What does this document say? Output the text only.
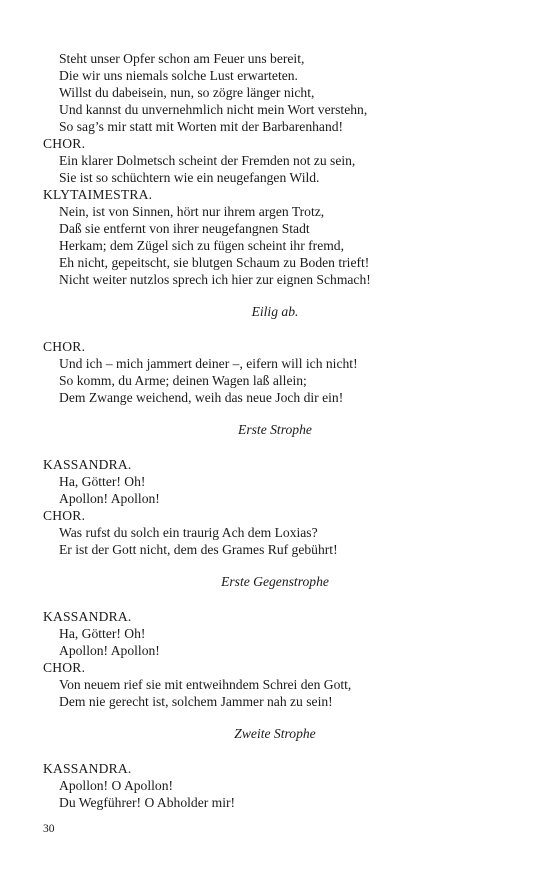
Steht unser Opfer schon am Feuer uns bereit,
Die wir uns niemals solche Lust erwarteten.
Willst du dabeisein, nun, so zögre länger nicht,
Und kannst du unvernehmlich nicht mein Wort verstehn,
So sag’s mir statt mit Worten mit der Barbarenhand!
CHOR.
Ein klarer Dolmetsch scheint der Fremden not zu sein,
Sie ist so schüchtern wie ein neugefangen Wild.
KLYTAIMESTRA.
Nein, ist von Sinnen, hört nur ihrem argen Trotz,
Daß sie entfernt von ihrer neugefangnen Stadt
Herkam; dem Zügel sich zu fügen scheint ihr fremd,
Eh nicht, gepeitscht, sie blutgen Schaum zu Boden trieft!
Nicht weiter nutzlos sprech ich hier zur eignen Schmach!
Eilig ab.
CHOR.
Und ich – mich jammert deiner –, eifern will ich nicht!
So komm, du Arme; deinen Wagen laß allein;
Dem Zwange weichend, weih das neue Joch dir ein!
Erste Strophe
KASSANDRA.
Ha, Götter! Oh!
Apollon! Apollon!
CHOR.
Was rufst du solch ein traurig Ach dem Loxias?
Er ist der Gott nicht, dem des Grames Ruf gebührt!
Erste Gegenstrophe
KASSANDRA.
Ha, Götter! Oh!
Apollon! Apollon!
CHOR.
Von neuem rief sie mit entweihndem Schrei den Gott,
Dem nie gerecht ist, solchem Jammer nah zu sein!
Zweite Strophe
KASSANDRA.
Apollon! O Apollon!
Du Wegführer! O Abholder mir!
30
